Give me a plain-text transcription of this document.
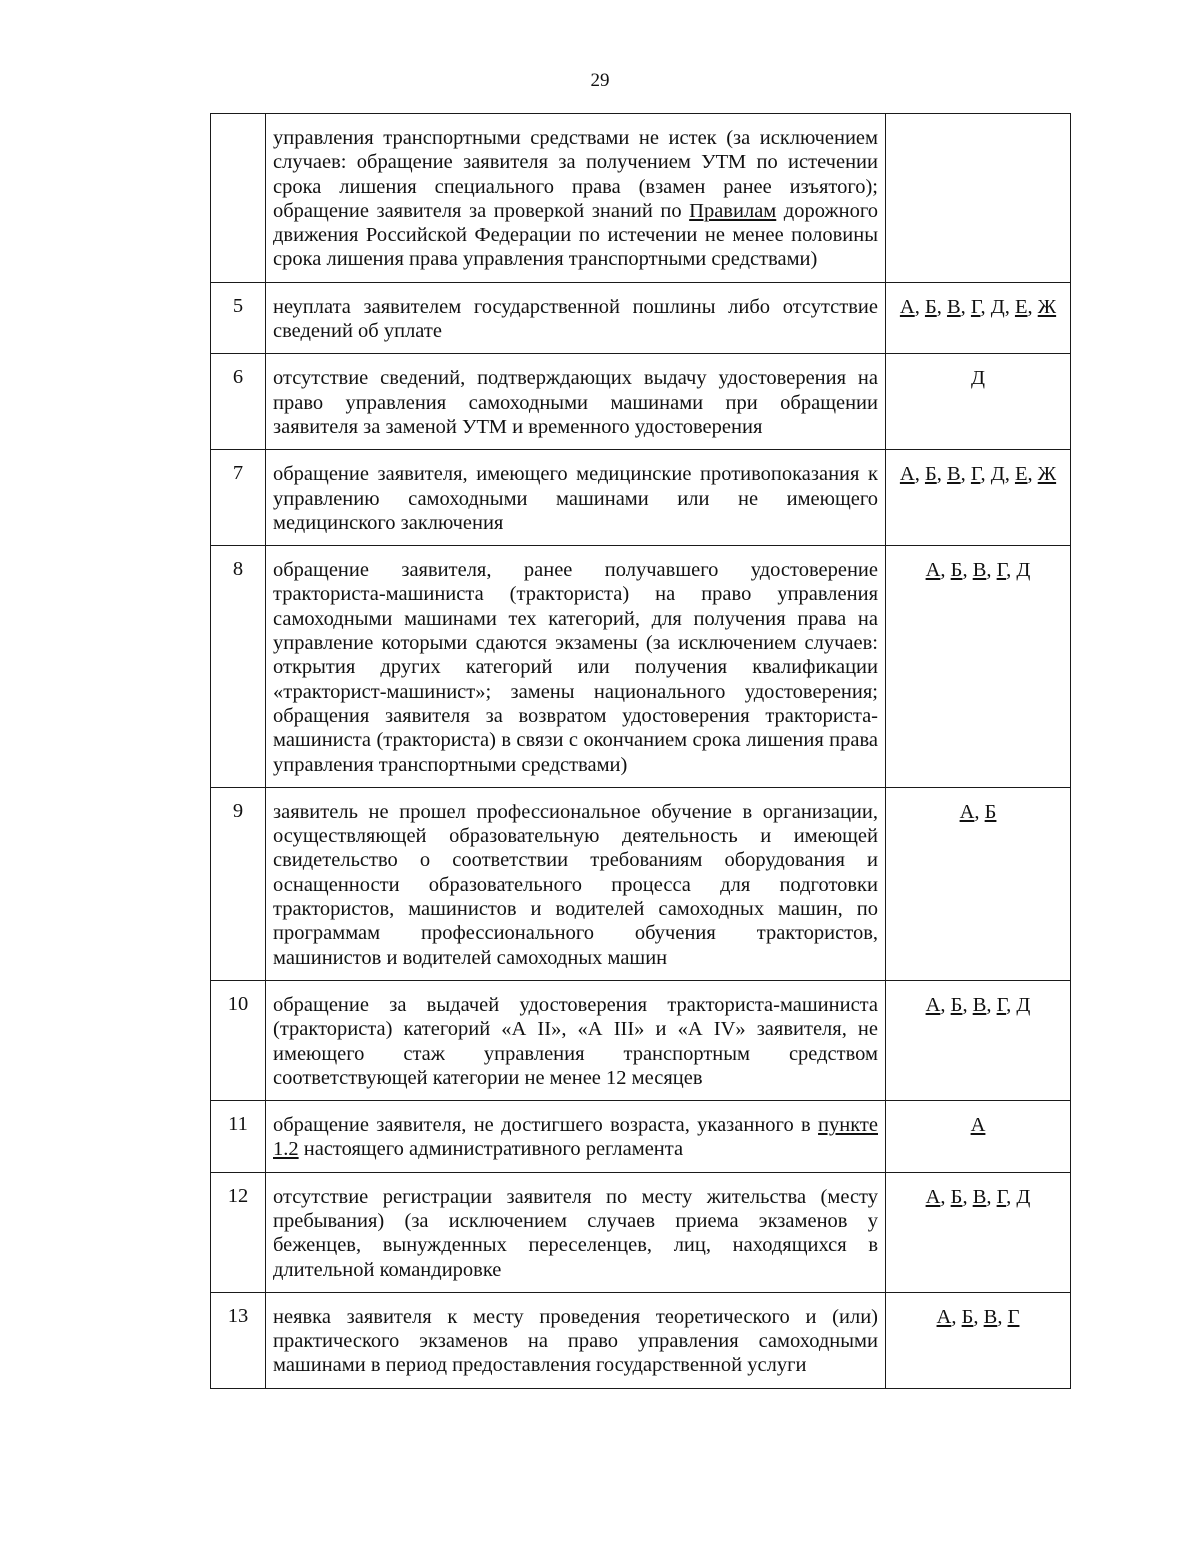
29
	управления транспортными средствами не истек (за исключением случаев: обращение заявителя за получением УТМ по истечении срока лишения специального права (взамен ранее изъятого); обращение заявителя за проверкой знаний по Правилам дорожного движения Российской Федерации по истечении не менее половины срока лишения права управления транспортными средствами)	
5	неуплата заявителем государственной пошлины либо отсутствие сведений об уплате	А, Б, В, Г, Д, Е, Ж
6	отсутствие сведений, подтверждающих выдачу удостоверения на право управления самоходными машинами при обращении заявителя за заменой УТМ и временного удостоверения	Д
7	обращение заявителя, имеющего медицинские противопоказания к управлению самоходными машинами или не имеющего медицинского заключения	А, Б, В, Г, Д, Е, Ж
8	обращение заявителя, ранее получавшего удостоверение тракториста-машиниста (тракториста) на право управления самоходными машинами тех категорий, для получения права на управление которыми сдаются экзамены (за исключением случаев: открытия других категорий или получения квалификации «тракторист-машинист»; замены национального удостоверения; обращения заявителя за возвратом удостоверения тракториста-машиниста (тракториста) в связи с окончанием срока лишения права управления транспортными средствами)	А, Б, В, Г, Д
9	заявитель не прошел профессиональное обучение в организации, осуществляющей образовательную деятельность и имеющей свидетельство о соответствии требованиям оборудования и оснащенности образовательного процесса для подготовки трактористов, машинистов и водителей самоходных машин, по программам профессионального обучения трактористов, машинистов и водителей самоходных машин	А, Б
10	обращение за выдачей удостоверения тракториста-машиниста (тракториста) категорий «А II», «А III» и «А IV» заявителя, не имеющего стаж управления транспортным средством соответствующей категории не менее 12 месяцев	А, Б, В, Г, Д
11	обращение заявителя, не достигшего возраста, указанного в пункте 1.2 настоящего административного регламента	А
12	отсутствие регистрации заявителя по месту жительства (месту пребывания) (за исключением случаев приема экзаменов у беженцев, вынужденных переселенцев, лиц, находящихся в длительной командировке	А, Б, В, Г, Д
13	неявка заявителя к месту проведения теоретического и (или) практического экзаменов на право управления самоходными машинами в период предоставления государственной услуги	А, Б, В, Г
